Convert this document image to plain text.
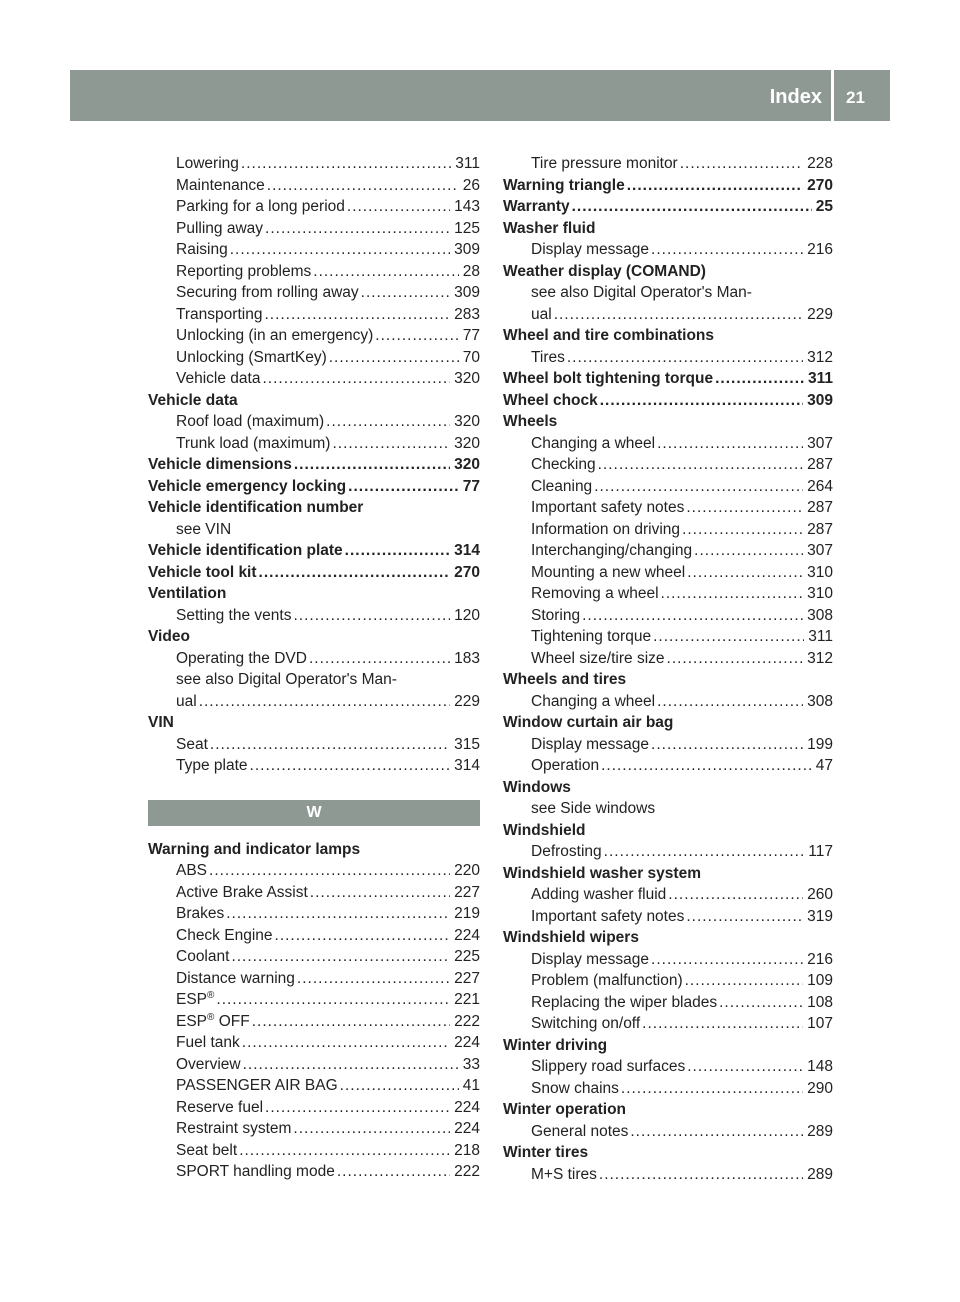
Index 21
Lowering .....	311
Maintenance .....	26
Parking for a long period .....	143
Pulling away .....	125
Raising .....	309
Reporting problems .....	28
Securing from rolling away .....	309
Transporting .....	283
Unlocking (in an emergency) .....	77
Unlocking (SmartKey) .....	70
Vehicle data .....	320
Vehicle data
Roof load (maximum) .....	320
Trunk load (maximum) .....	320
Vehicle dimensions .....	320
Vehicle emergency locking .....	77
Vehicle identification number
see VIN
Vehicle identification plate .....	314
Vehicle tool kit .....	270
Ventilation
Setting the vents .....	120
Video
Operating the DVD .....	183
see also Digital Operator's Man-
ual .....	229
VIN
Seat .....	315
Type plate .....	314
W
Warning and indicator lamps
ABS .....	220
Active Brake Assist .....	227
Brakes .....	219
Check Engine .....	224
Coolant .....	225
Distance warning .....	227
ESP® .....	221
ESP® OFF .....	222
Fuel tank .....	224
Overview .....	33
PASSENGER AIR BAG .....	41
Reserve fuel .....	224
Restraint system .....	224
Seat belt .....	218
SPORT handling mode .....	222
Tire pressure monitor .....	228
Warning triangle .....	270
Warranty .....	25
Washer fluid
Display message .....	216
Weather display (COMAND)
see also Digital Operator's Man-
ual .....	229
Wheel and tire combinations
Tires .....	312
Wheel bolt tightening torque .....	311
Wheel chock .....	309
Wheels
Changing a wheel .....	307
Checking .....	287
Cleaning .....	264
Important safety notes .....	287
Information on driving .....	287
Interchanging/changing .....	307
Mounting a new wheel .....	310
Removing a wheel .....	310
Storing .....	308
Tightening torque .....	311
Wheel size/tire size .....	312
Wheels and tires
Changing a wheel .....	308
Window curtain air bag
Display message .....	199
Operation .....	47
Windows
see Side windows
Windshield
Defrosting .....	117
Windshield washer system
Adding washer fluid .....	260
Important safety notes .....	319
Windshield wipers
Display message .....	216
Problem (malfunction) .....	109
Replacing the wiper blades .....	108
Switching on/off .....	107
Winter driving
Slippery road surfaces .....	148
Snow chains .....	290
Winter operation
General notes .....	289
Winter tires
M+S tires .....	289
